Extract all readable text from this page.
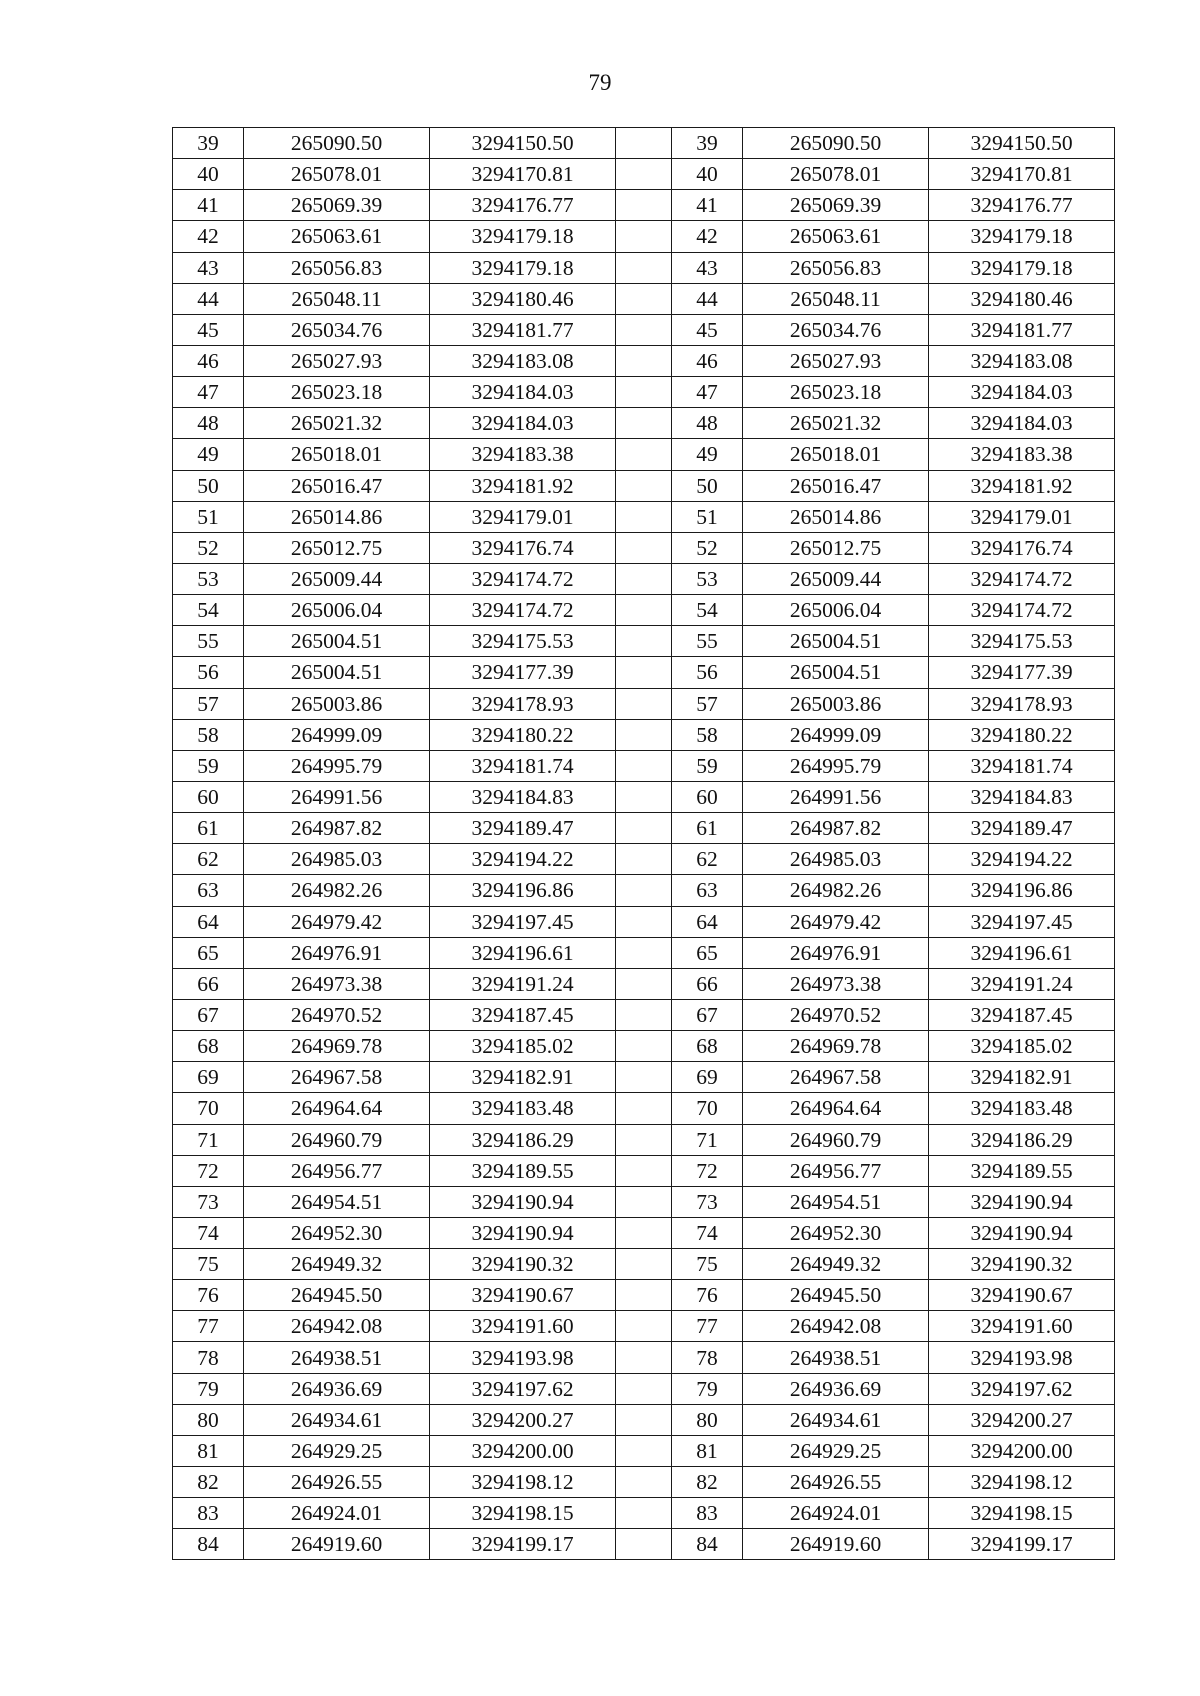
79
39	265090.50	3294150.50		39	265090.50	3294150.50
40	265078.01	3294170.81		40	265078.01	3294170.81
41	265069.39	3294176.77		41	265069.39	3294176.77
42	265063.61	3294179.18		42	265063.61	3294179.18
43	265056.83	3294179.18		43	265056.83	3294179.18
44	265048.11	3294180.46		44	265048.11	3294180.46
45	265034.76	3294181.77		45	265034.76	3294181.77
46	265027.93	3294183.08		46	265027.93	3294183.08
47	265023.18	3294184.03		47	265023.18	3294184.03
48	265021.32	3294184.03		48	265021.32	3294184.03
49	265018.01	3294183.38		49	265018.01	3294183.38
50	265016.47	3294181.92		50	265016.47	3294181.92
51	265014.86	3294179.01		51	265014.86	3294179.01
52	265012.75	3294176.74		52	265012.75	3294176.74
53	265009.44	3294174.72		53	265009.44	3294174.72
54	265006.04	3294174.72		54	265006.04	3294174.72
55	265004.51	3294175.53		55	265004.51	3294175.53
56	265004.51	3294177.39		56	265004.51	3294177.39
57	265003.86	3294178.93		57	265003.86	3294178.93
58	264999.09	3294180.22		58	264999.09	3294180.22
59	264995.79	3294181.74		59	264995.79	3294181.74
60	264991.56	3294184.83		60	264991.56	3294184.83
61	264987.82	3294189.47		61	264987.82	3294189.47
62	264985.03	3294194.22		62	264985.03	3294194.22
63	264982.26	3294196.86		63	264982.26	3294196.86
64	264979.42	3294197.45		64	264979.42	3294197.45
65	264976.91	3294196.61		65	264976.91	3294196.61
66	264973.38	3294191.24		66	264973.38	3294191.24
67	264970.52	3294187.45		67	264970.52	3294187.45
68	264969.78	3294185.02		68	264969.78	3294185.02
69	264967.58	3294182.91		69	264967.58	3294182.91
70	264964.64	3294183.48		70	264964.64	3294183.48
71	264960.79	3294186.29		71	264960.79	3294186.29
72	264956.77	3294189.55		72	264956.77	3294189.55
73	264954.51	3294190.94		73	264954.51	3294190.94
74	264952.30	3294190.94		74	264952.30	3294190.94
75	264949.32	3294190.32		75	264949.32	3294190.32
76	264945.50	3294190.67		76	264945.50	3294190.67
77	264942.08	3294191.60		77	264942.08	3294191.60
78	264938.51	3294193.98		78	264938.51	3294193.98
79	264936.69	3294197.62		79	264936.69	3294197.62
80	264934.61	3294200.27		80	264934.61	3294200.27
81	264929.25	3294200.00		81	264929.25	3294200.00
82	264926.55	3294198.12		82	264926.55	3294198.12
83	264924.01	3294198.15		83	264924.01	3294198.15
84	264919.60	3294199.17		84	264919.60	3294199.17
